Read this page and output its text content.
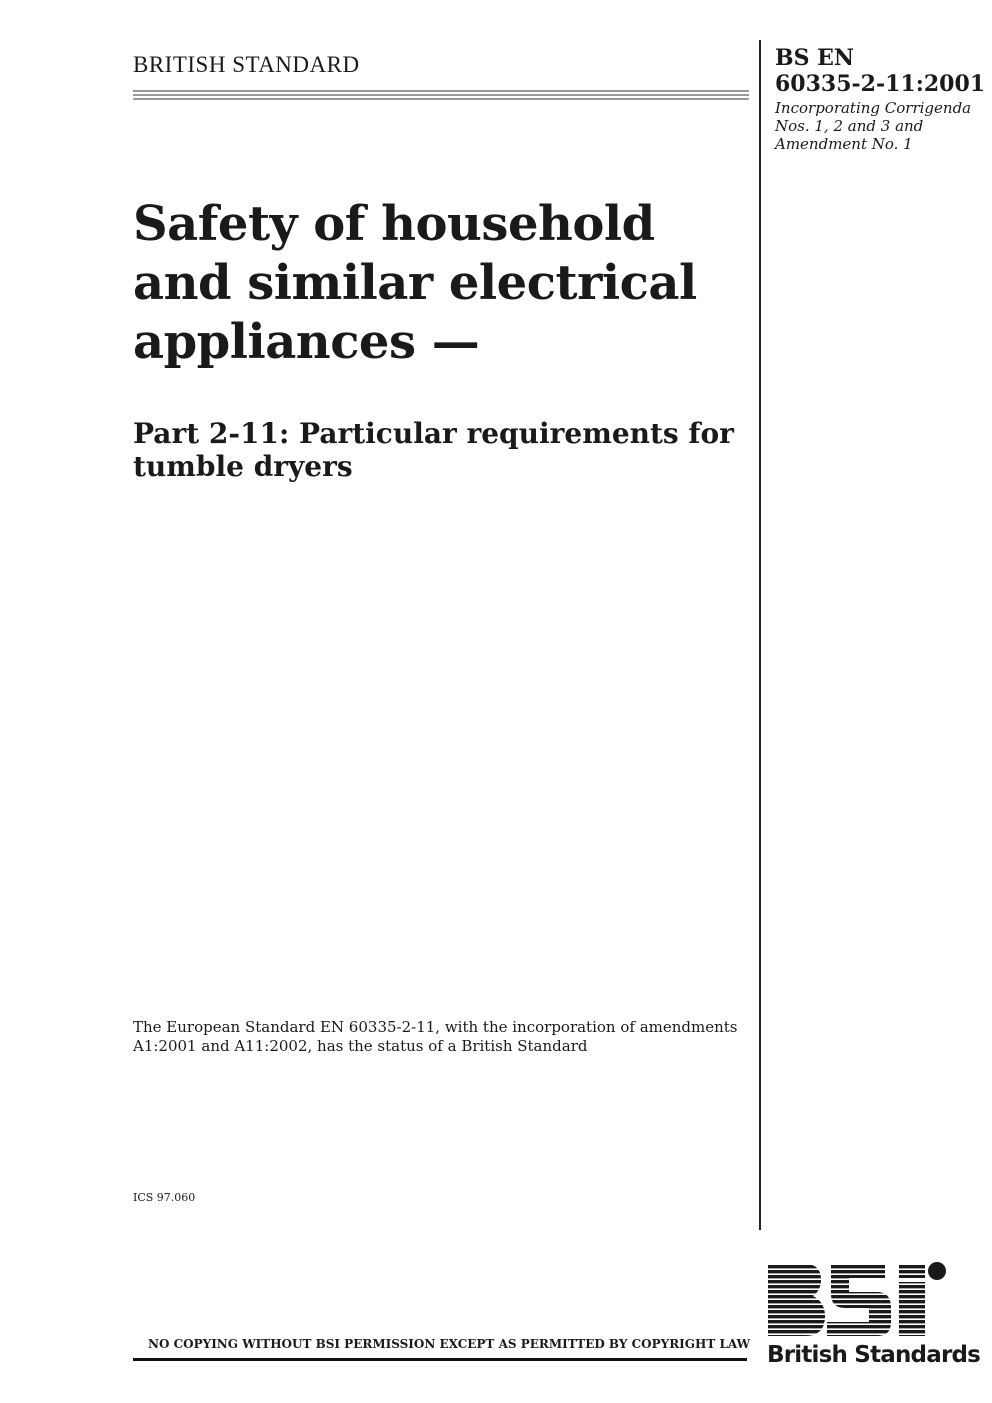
BRITISH STANDARD	BS EN
60335-2-11:2001
Incorporating Corrigenda Nos. 1, 2 and 3 and Amendment No. 1
Safety of household and similar electrical appliances —
Part 2-11: Particular requirements for tumble dryers
The European Standard EN 60335-2-11, with the incorporation of amendments A1:2001 and A11:2002, has the status of a British Standard
ICS 97.060
NO COPYING WITHOUT BSI PERMISSION EXCEPT AS PERMITTED BY COPYRIGHT LAW British Standards
